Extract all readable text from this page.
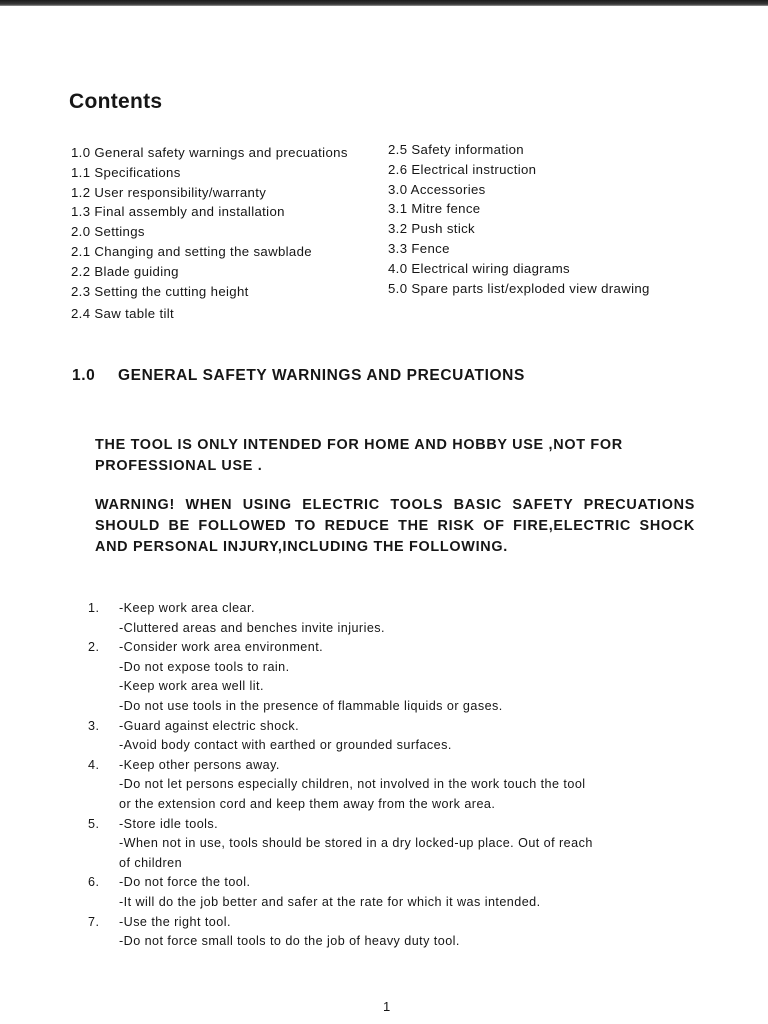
Contents
1.0 General safety warnings and precuations
1.1 Specifications
1.2 User responsibility/warranty
1.3 Final assembly and installation
2.0 Settings
2.1 Changing and setting the sawblade
2.2 Blade guiding
2.3 Setting the cutting height
2.4 Saw table tilt
2.5 Safety information
2.6 Electrical instruction
3.0 Accessories
3.1 Mitre fence
3.2 Push stick
3.3 Fence
4.0 Electrical wiring diagrams
5.0 Spare parts list/exploded view drawing
1.0 GENERAL SAFETY WARNINGS AND PRECUATIONS

THE TOOL IS ONLY INTENDED FOR HOME AND HOBBY USE ,NOT FOR PROFESSIONAL USE .

WARNING! WHEN USING ELECTRIC TOOLS BASIC SAFETY PRECUATIONS SHOULD BE FOLLOWED TO REDUCE THE RISK OF FIRE,ELECTRIC SHOCK AND PERSONAL INJURY,INCLUDING THE FOLLOWING.

1. -Keep work area clear.
-Cluttered areas and benches invite injuries.
2. -Consider work area environment.
-Do not expose tools to rain.
-Keep work area well lit.
-Do not use tools in the presence of flammable liquids or gases.
3. -Guard against electric shock.
-Avoid body contact with earthed or grounded surfaces.
4. -Keep other persons away.
-Do not let persons especially children, not involved in the work touch the tool
or the extension cord and keep them away from the work area.
5. -Store idle tools.
-When not in use, tools should be stored in a dry locked-up place. Out of reach
of children
6. -Do not force the tool.
-It will do the job better and safer at the rate for which it was intended.
7. -Use the right tool.
-Do not force small tools to do the job of heavy duty tool.
1
